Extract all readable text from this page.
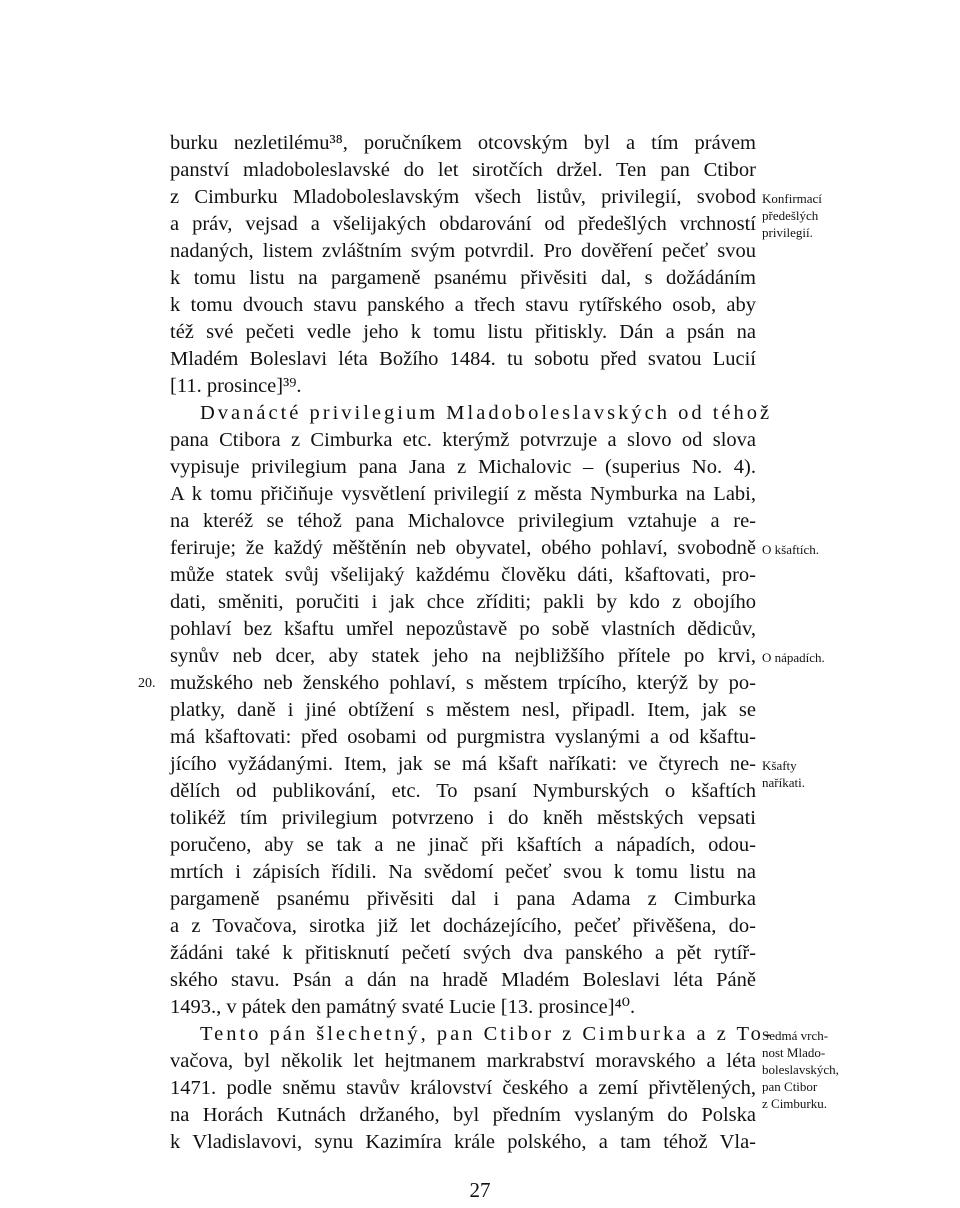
burku nezletilému³⁸, poručníkem otcovským byl a tím právem
panství mladoboleslavské do let sirotčích držel. Ten pan Ctibor
z Cimburku Mladoboleslavským všech listův, privilegií, svobod
a práv, vejsad a všelijakých obdarování od předešlých vrchností
nadaných, listem zvláštním svým potvrdil. Pro dověření pečeť svou
k tomu listu na pargameně psanému přivěsiti dal, s dožádáním
k tomu dvouch stavu panského a třech stavu rytířského osob, aby
též své pečeti vedle jeho k tomu listu přitiskly. Dán a psán na
Mladém Boleslavi léta Božího 1484. tu sobotu před svatou Lucií
[11. prosince]³⁹.
Dvanácté privilegium Mladoboleslavských od téhož
pana Ctibora z Cimburka etc. kterýmž potvrzuje a slovo od slova
vypisuje privilegium pana Jana z Michalovic – (superius No. 4).
A k tomu přičiňuje vysvětlení privilegií z města Nymburka na Labi,
na kteréž se téhož pana Michalovce privilegium vztahuje a re-
feriruje; že každý měštěnín neb obyvatel, obého pohlaví, svobodně
může statek svůj všelijaký každému člověku dáti, kšaftovati, pro-
dati, směniti, poručiti i jak chce zříditi; pakli by kdo z obojího
pohlaví bez kšaftu umřel nepozůstavě po sobě vlastních dědicův,
synův neb dcer, aby statek jeho na nejbližšího přítele po krvi,
mužského neb ženského pohlaví, s městem trpícího, kterýž by po-
platky, daně i jiné obtížení s městem nesl, připadl. Item, jak se
má kšaftovati: před osobami od purgmistra vyslanými a od kšaftu-
jícího vyžádanými. Item, jak se má kšaft naříkati: ve čtyrech ne-
dělích od publikování, etc. To psaní Nymburských o kšaftích
tolikéž tím privilegium potvrzeno i do kněh městských vepsati
poručeno, aby se tak a ne jinač při kšaftích a nápadích, odou-
mrtích i zápisích řídili. Na svědomí pečeť svou k tomu listu na
pargameně psanému přivěsiti dal i pana Adama z Cimburka
a z Tovačova, sirotka již let docházejícího, pečeť přivěšena, do-
žádáni také k přitisknutí pečetí svých dva panského a pět rytíř-
ského stavu. Psán a dán na hradě Mladém Boleslavi léta Páně
1493., v pátek den památný svaté Lucie [13. prosince]⁴⁰.
Tento pán šlechetný, pan Ctibor z Cimburka a z To-
vačova, byl několik let hejtmanem markrabství moravského a léta
1471. podle sněmu stavův království českého a zemí přivtělených,
na Horách Kutnách držaného, byl předním vyslaným do Polska
k Vladislavovi, synu Kazimíra krále polského, a tam téhož Vla-
20.
Konfirmací
předešlých
privilegií.
O kšaftích.
O nápadích.
Kšafty
naříkati.
Sedmá vrch-
nost Mlado-
boleslavských,
pan Ctibor
z Cimburku.
27
